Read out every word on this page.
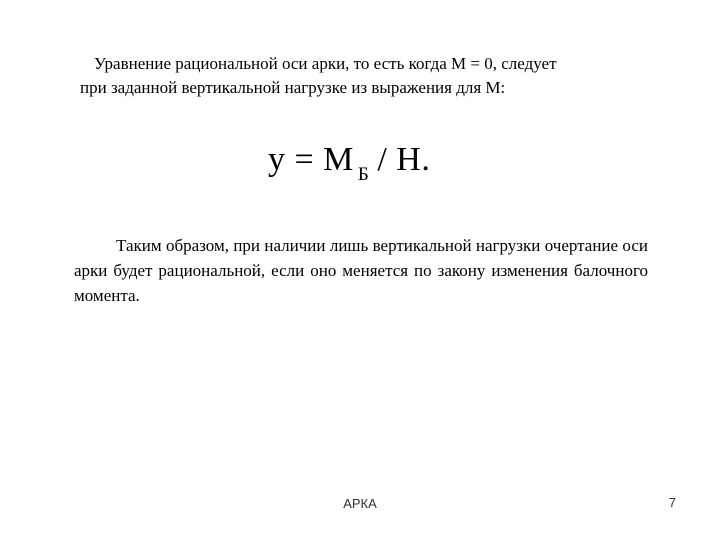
Уравнение рациональной оси арки, то есть когда М = 0, следует
при заданной вертикальной нагрузке из выражения для М:
y = M $_Б$ / H.
Таким образом, при наличии лишь вертикальной нагрузки очертание оси арки будет рациональной, если оно меняется по закону изменения балочного момента.
АРКА	7
